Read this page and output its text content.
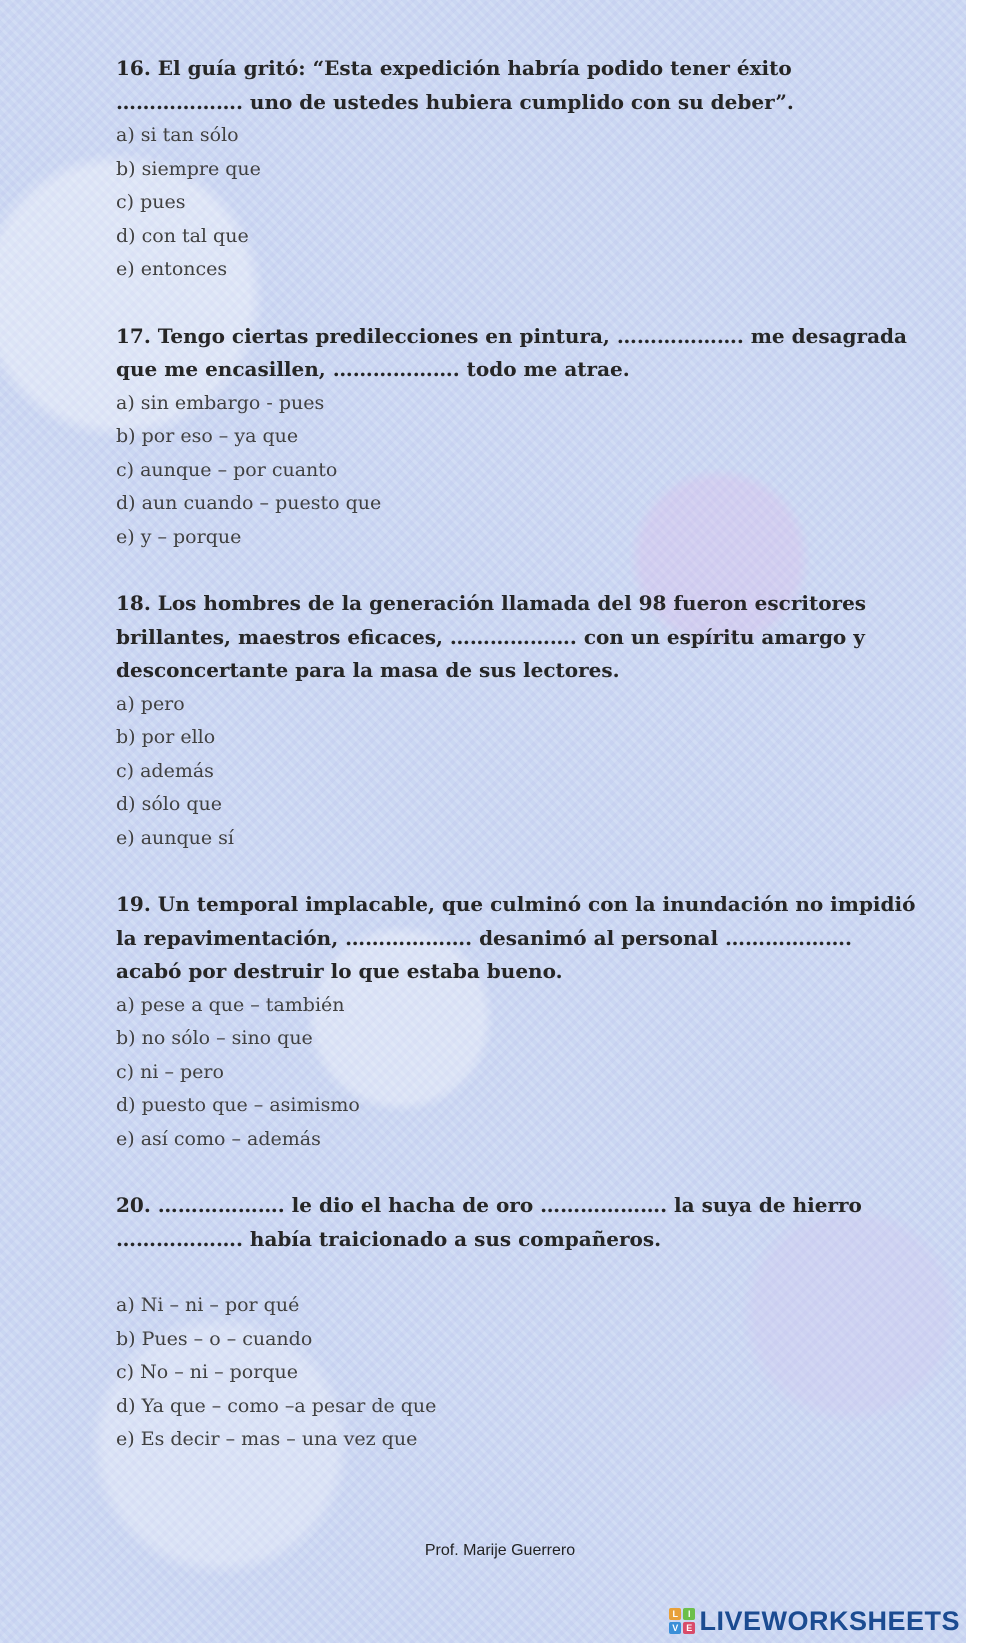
16. El guía gritó: “Esta expedición habría podido tener éxito ………………. uno de ustedes hubiera cumplido con su deber”.
a) si tan sólo
b) siempre que
c) pues
d) con tal que
e) entonces
17. Tengo ciertas predilecciones en pintura, ………………. me desagrada que me encasillen, ………………. todo me atrae.
a) sin embargo - pues
b) por eso – ya que
c) aunque – por cuanto
d) aun cuando – puesto que
e) y – porque
18. Los hombres de la generación llamada del 98 fueron escritores brillantes, maestros eficaces, ………………. con un espíritu amargo y desconcertante para la masa de sus lectores.
a) pero
b) por ello
c) además
d) sólo que
e) aunque sí
19. Un temporal implacable, que culminó con la inundación no impidió la repavimentación, ………………. desanimó al personal ………………. acabó por destruir lo que estaba bueno.
a) pese a que – también
b) no sólo – sino que
c) ni – pero
d) puesto que – asimismo
e) así como – además
20. ………………. le dio el hacha de oro ………………. la suya de hierro ………………. había traicionado a sus compañeros.
a) Ni – ni – por qué
b) Pues – o – cuando
c) No – ni – porque
d) Ya que – como –a pesar de que
e) Es decir – mas – una vez que
Prof. Marije Guerrero
L	I
V E LIVEWORKSHEETS
